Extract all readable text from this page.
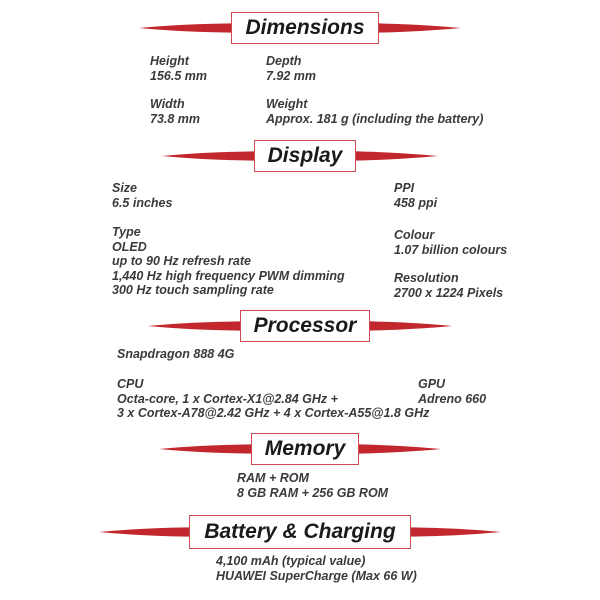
Dimensions
Height
156.5 mm
Depth
7.92 mm
Width
73.8 mm
Weight
Approx. 181 g (including the battery)
Display
Size
6.5 inches
PPI
458 ppi
Type
OLED
up to 90 Hz refresh rate
1,440 Hz high frequency PWM dimming
300 Hz touch sampling rate
Colour
1.07 billion colours
Resolution
2700 x 1224 Pixels
Processor
Snapdragon 888 4G
CPU
Octa-core, 1 x Cortex-X1@2.84 GHz +
3 x Cortex-A78@2.42 GHz + 4 x Cortex-A55@1.8 GHz
GPU
Adreno 660
Memory
RAM + ROM
8 GB RAM + 256 GB ROM
Battery & Charging
4,100 mAh (typical value)
HUAWEI SuperCharge (Max 66 W)
